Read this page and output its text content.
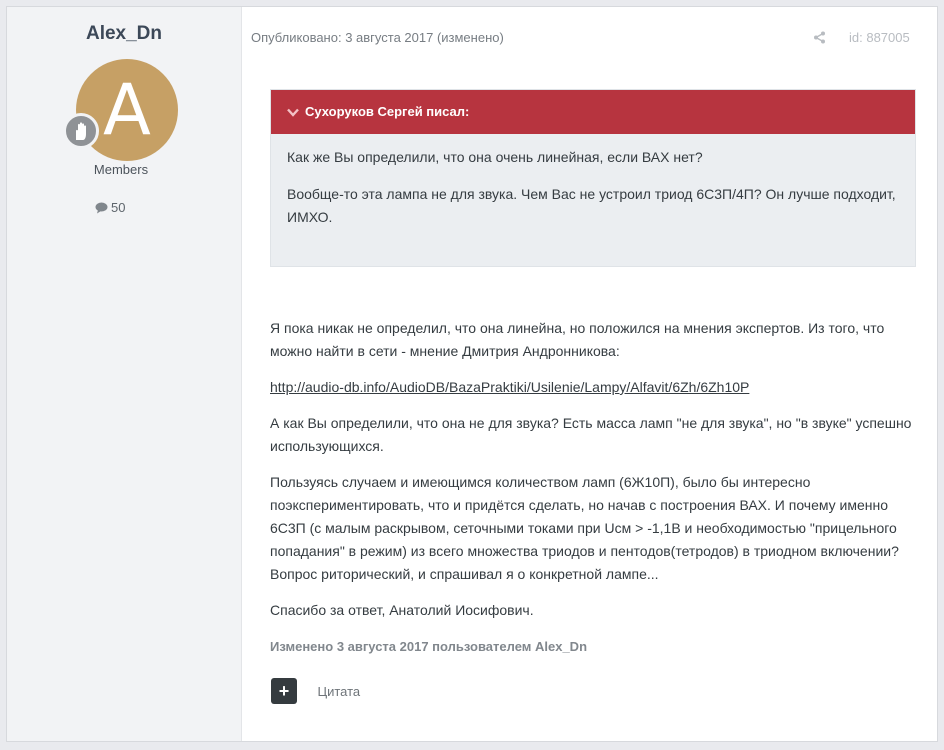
Alex_Dn
A
Members
50
Опубликовано: 3 августа 2017 (изменено)	id: 887005
Сухоруков Сергей писал:

Как же Вы определили, что она очень линейная, если ВАХ нет?

Вообще-то эта лампа не для звука. Чем Вас не устроил триод 6С3П/4П? Он лучше подходит, ИМХО.

Я пока никак не определил, что она линейна, но положился на мнения экспертов. Из того, что можно найти в сети - мнение Дмитрия Андронникова:

http://audio-db.info/AudioDB/BazaPraktiki/Usilenie/Lampy/Alfavit/6Zh/6Zh10P

А как Вы определили, что она не для звука? Есть масса ламп "не для звука", но "в звуке" успешно использующихся.

Пользуясь случаем и имеющимся количеством ламп (6Ж10П), было бы интересно поэкспериментировать, что и придётся сделать, но начав с построения ВАХ. И почему именно 6С3П (с малым раскрывом, сеточными токами при Uсм > -1,1В и необходимостью "прицельного попадания" в режим) из всего множества триодов и пентодов(тетродов) в триодном включении? Вопрос риторический, и спрашивал я о конкретной лампе...

Спасибо за ответ, Анатолий Иосифович.

Изменено 3 августа 2017 пользователем Alex_Dn
+ Цитата
